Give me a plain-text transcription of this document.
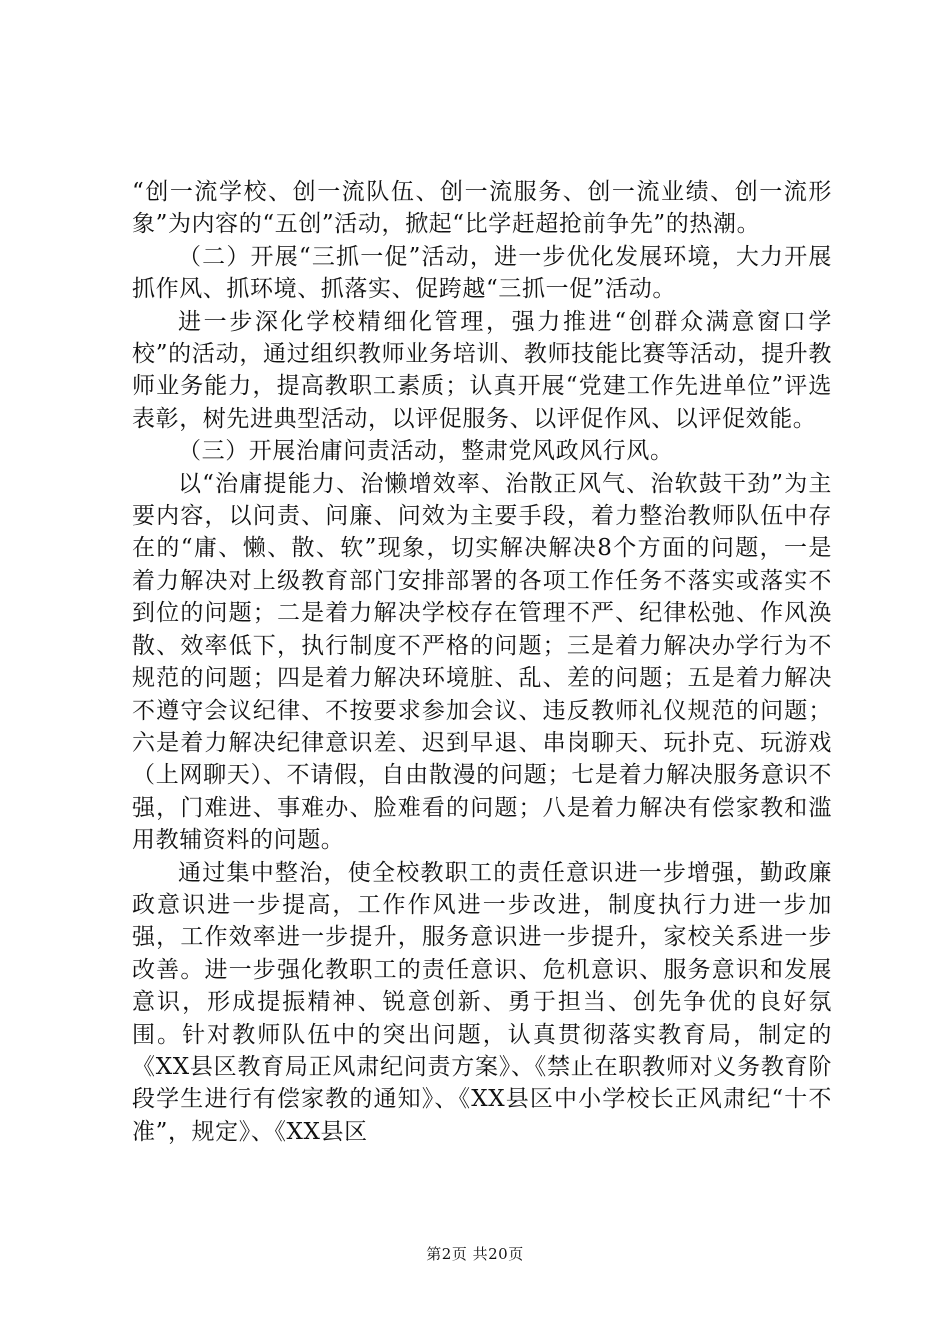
“创一流学校、创一流队伍、创一流服务、创一流业绩、创一流形象”为内容的“五创”活动，掀起“比学赶超抢前争先”的热潮。

（二）开展“三抓一促”活动，进一步优化发展环境，大力开展抓作风、抓环境、抓落实、促跨越“三抓一促”活动。

进一步深化学校精细化管理，强力推进“创群众满意窗口学校”的活动，通过组织教师业务培训、教师技能比赛等活动，提升教师业务能力，提高教职工素质；认真开展“党建工作先进单位”评选表彰，树先进典型活动，以评促服务、以评促作风、以评促效能。

（三）开展治庸问责活动，整肃党风政风行风。

以“治庸提能力、治懒增效率、治散正风气、治软鼓干劲”为主要内容，以问责、问廉、问效为主要手段，着力整治教师队伍中存在的“庸、懒、散、软”现象，切实解决解决8个方面的问题，一是着力解决对上级教育部门安排部署的各项工作任务不落实或落实不到位的问题；二是着力解决学校存在管理不严、纪律松弛、作风涣散、效率低下，执行制度不严格的问题；三是着力解决办学行为不规范的问题；四是着力解决环境脏、乱、差的问题；五是着力解决不遵守会议纪律、不按要求参加会议、违反教师礼仪规范的问题；六是着力解决纪律意识差、迟到早退、串岗聊天、玩扑克、玩游戏（上网聊天）、不请假，自由散漫的问题；七是着力解决服务意识不强，门难进、事难办、脸难看的问题；八是着力解决有偿家教和滥用教辅资料的问题。

通过集中整治，使全校教职工的责任意识进一步增强，勤政廉政意识进一步提高，工作作风进一步改进，制度执行力进一步加强，工作效率进一步提升，服务意识进一步提升，家校关系进一步改善。进一步强化教职工的责任意识、危机意识、服务意识和发展意识，形成提振精神、锐意创新、勇于担当、创先争优的良好氛围。针对教师队伍中的突出问题，认真贯彻落实教育局，制定的《XX县区教育局正风肃纪问责方案》、《禁止在职教师对义务教育阶段学生进行有偿家教的通知》、《XX县区中小学校长正风肃纪“十不准”，规定》、《XX县区

第2页 共20页
